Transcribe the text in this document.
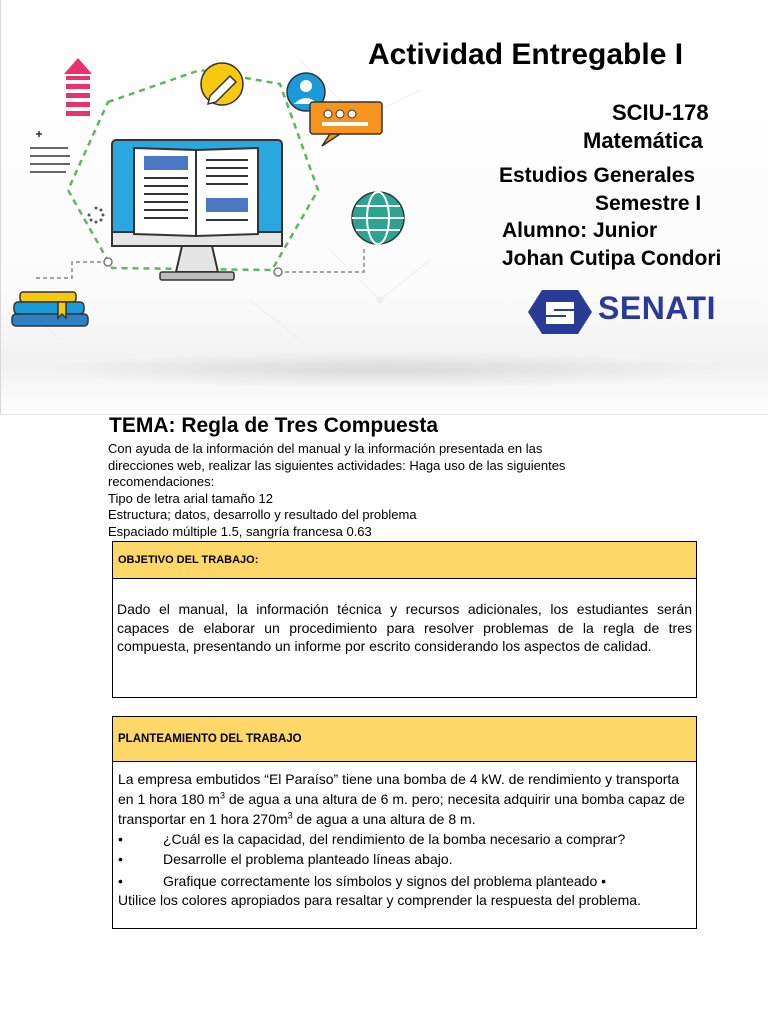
Actividad Entregable I
SCIU-178
Matemática
Estudios Generales
Semestre I
Alumno: Junior
Johan Cutipa Condori
SENATI
TEMA: Regla de Tres Compuesta

Con ayuda de la información del manual y la información presentada en las

direcciones web, realizar las siguientes actividades: Haga uso de las siguientes

recomendaciones:

Tipo de letra arial tamaño 12

Estructura; datos, desarrollo y resultado del problema

Espaciado múltiple 1.5, sangría francesa 0.63

OBJETIVO DEL TRABAJO:
Dado el manual, la información técnica y recursos adicionales, los estudiantes serán capaces de elaborar un procedimiento para resolver problemas de la regla de tres compuesta, presentando un informe por escrito considerando los aspectos de calidad.
PLANTEAMIENTO DEL TRABAJO

La empresa embutidos “El Paraíso” tiene una bomba de 4 kW. de rendimiento y transporta en 1 hora 180 $m^3$ de agua a una altura de 6 m. pero; necesita adquirir una bomba capaz de transportar en 1 hora $270m^3$ de agua a una altura de 8 m.

•	¿Cuál es la capacidad, del rendimiento de la bomba necesario a comprar?
•	Desarrolle el problema planteado líneas abajo.
•	Grafique correctamente los símbolos y signos del problema planteado •

Utilice los colores apropiados para resaltar y comprender la respuesta del problema.
